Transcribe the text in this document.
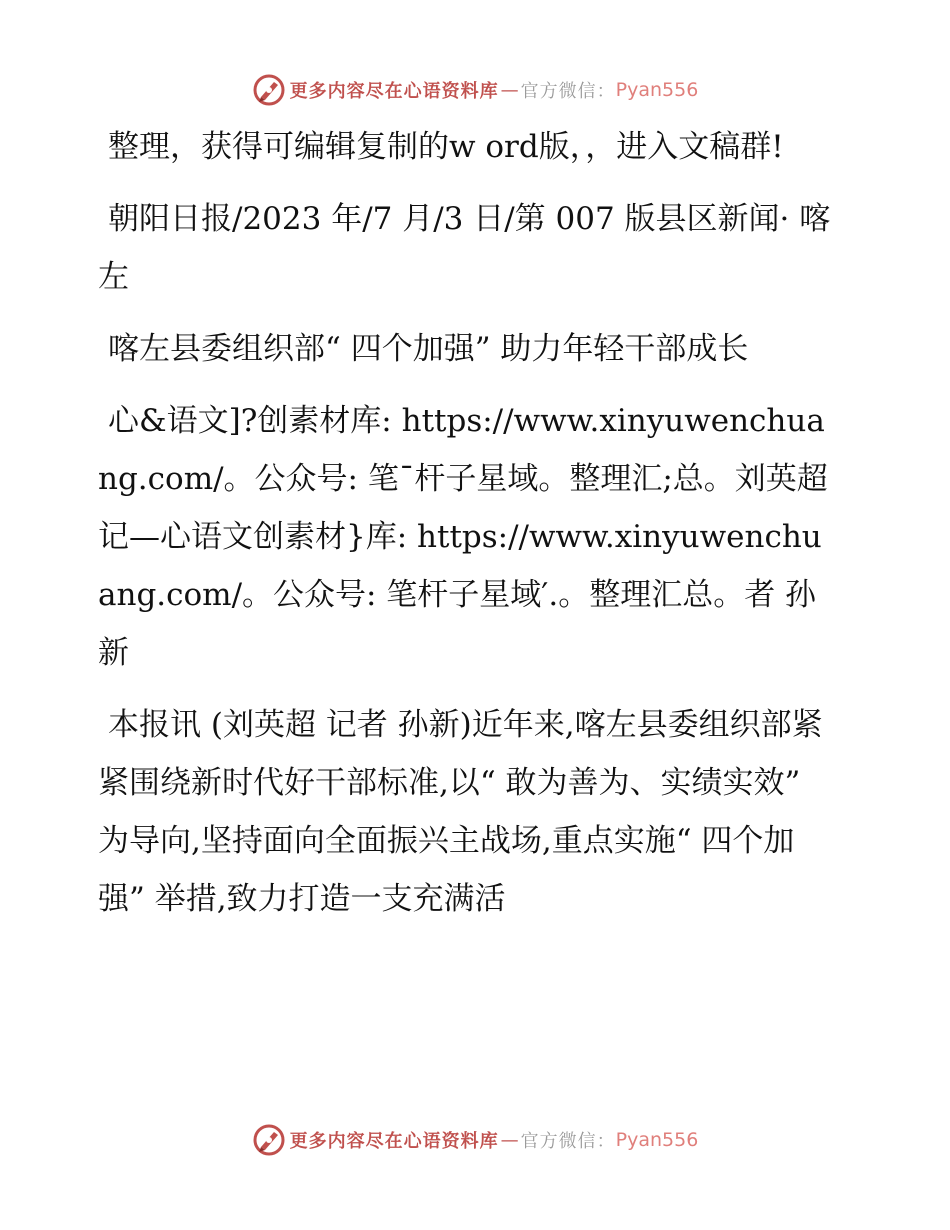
更多内容尽在心语资料库 — 官方微信： Pyan556

整理，获得可编辑复制的w ord版，，进入文稿群!

朝阳日报/2023 年/7 月/3 日/第 007 版县区新闻· 喀左

喀左县委组织部“ 四个加强” 助力年轻干部成长

心&语文]?创素材库: https://www.xinyuwenchuang.com/。公众号: 笔¯杆子星域。整理汇;总。刘英超 记—心语文创素材}库: https://www.xinyuwenchuang.com/。公众号: 笔杆子星域′.。整理汇总。者 孙新

本报讯 (刘英超 记者 孙新)近年来,喀左县委组织部紧紧围绕新时代好干部标准,以“ 敢为善为、实绩实效” 为导向,坚持面向全面振兴主战场,重点实施“ 四个加强” 举措,致力打造一支充满活

更多内容尽在心语资料库 — 官方微信： Pyan556
